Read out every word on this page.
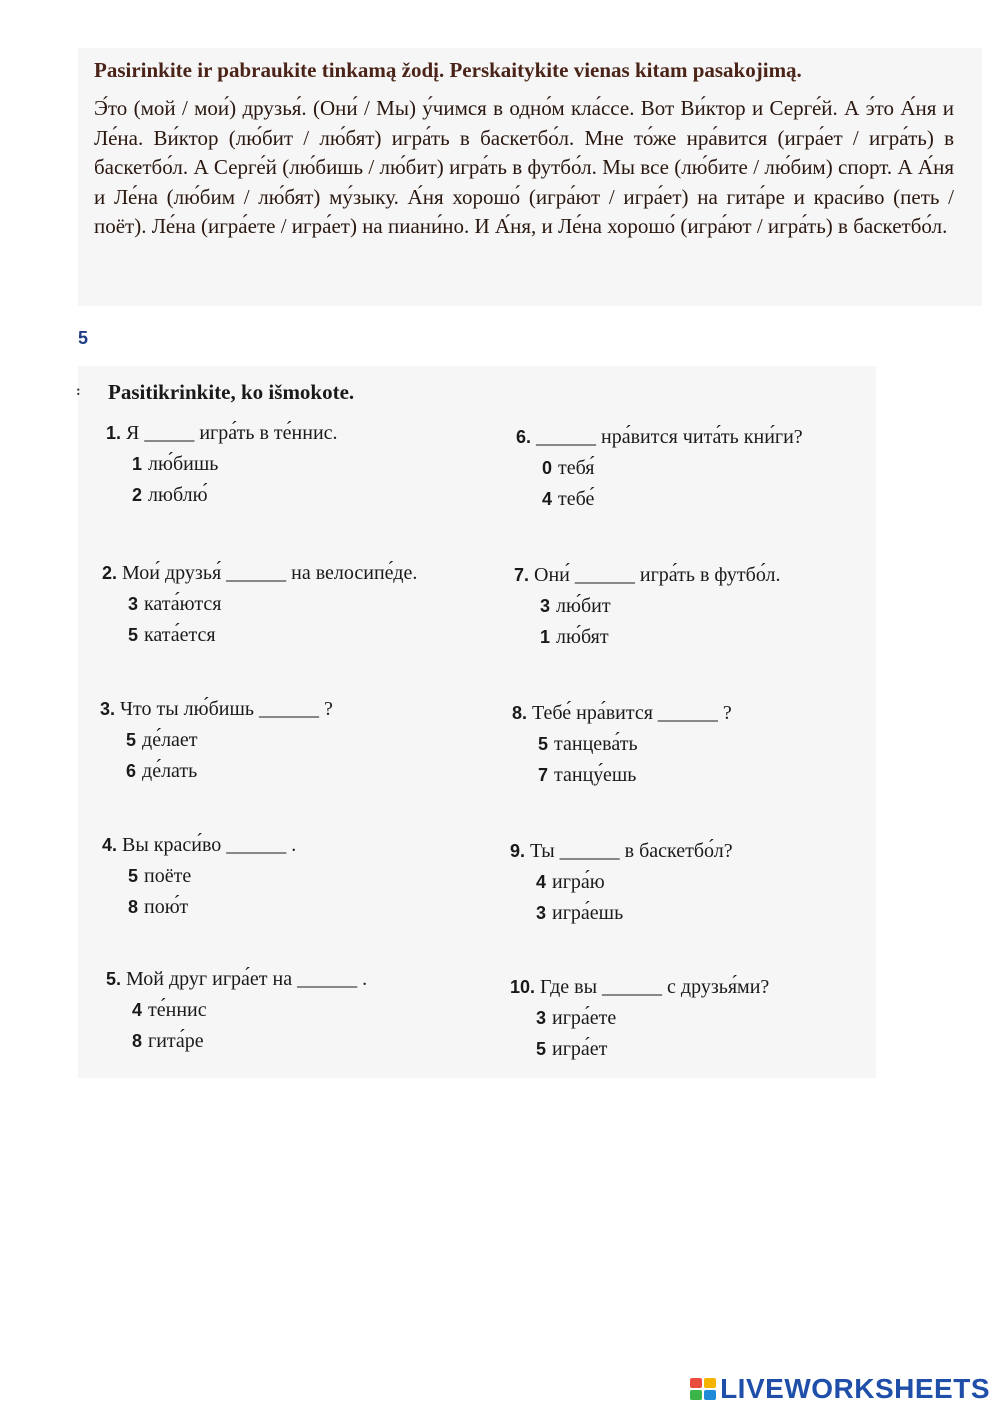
Pasirinkite ir pabraukite tinkamą žodį. Perskaitykite vienas kitam pasakojimą.
Э́то (мой / мои́) друзья́. (Они́ / Мы) у́чимся в одно́м кла́ссе. Вот Ви́ктор и Серге́й. А э́то А́ня и Ле́на. Ви́ктор (лю́бит / лю́бят) игра́ть в баскетбо́л. Мне то́же нра́вится (игра́ет / игра́ть) в баскетбо́л. А Серге́й (лю́бишь / лю́бит) игра́ть в футбо́л. Мы все (лю́бите / лю́бим) спорт. А А́ня и Ле́на (лю́бим / лю́бят) му́зыку. А́ня хорошо́ (игра́ют / игра́ет) на гита́ре и краси́во (петь / поёт). Ле́на (игра́ете / игра́ет) на пиани́но. И А́ня, и Ле́на хорошо́ (игра́ют / игра́ть) в баскетбо́л.
5
: Pasitikrinkite, ko išmokote.
1. Я _____ игра́ть в те́ннис.
1 лю́бишь
2 люблю́
2. Мои́ друзья́ ______ на велосипе́де.
3 ката́ются
5 ката́ется
3. Что ты лю́бишь ______ ?
5 де́лает
6 де́лать
4. Вы краси́во ______ .
5 поёте
8 пою́т
5. Мой друг игра́ет на ______ .
4 те́ннис
8 гита́ре
6. ______ нра́вится чита́ть кни́ги?
0 тебя́
4 тебе́
7. Они́ ______ игра́ть в футбо́л.
3 лю́бит
1 лю́бят
8. Тебе́ нра́вится ______ ?
5 танцева́ть
7 танцу́ешь
9. Ты ______ в баскетбо́л?
4 игра́ю
3 игра́ешь
10. Где вы ______ с друзья́ми?
3 игра́ете
5 игра́ет
LIVEWORKSHEETS
